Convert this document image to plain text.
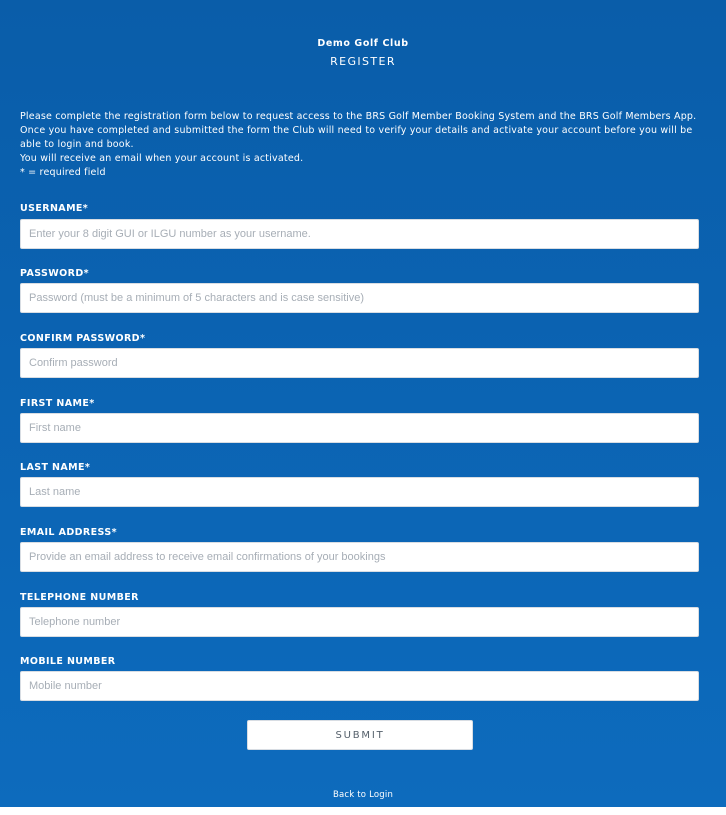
Demo Golf Club
REGISTER

Please complete the registration form below to request access to the BRS Golf Member Booking System and the BRS Golf Members App.

Once you have completed and submitted the form the Club will need to verify your details and activate your account before you will be able to login and book.

You will receive an email when your account is activated.

* = required field

USERNAME*
Enter your 8 digit GUI or ILGU number as your username.
PASSWORD*
CONFIRM PASSWORD*
FIRST NAME*
First name
LAST NAME*
Last name
EMAIL ADDRESS*
Provide an email address to receive email confirmations of your bookings
TELEPHONE NUMBER
Telephone number
MOBILE NUMBER
Mobile number
SUBMIT
Back to Login
